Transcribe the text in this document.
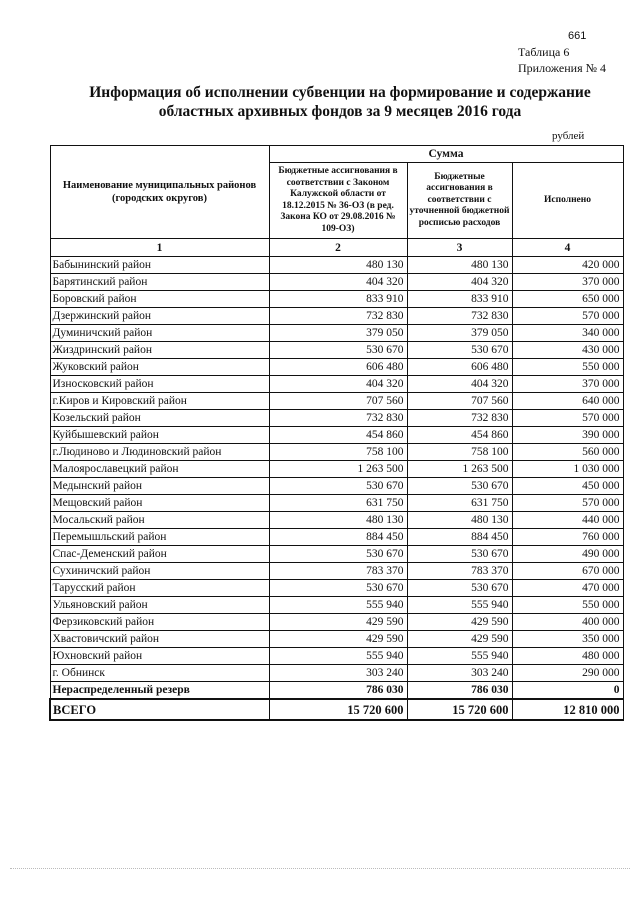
661
Таблица 6
Приложения № 4
Информация об исполнении субвенции на формирование и содержание
областных архивных фондов за 9 месяцев 2016 года
рублей
Наименование муниципальных районов (городских округов)	Сумма		
	Бюджетные ассигнования в соответствии с Законом Калужской области от 18.12.2015 № 36-ОЗ (в ред. Закона КО от 29.08.2016 № 109-ОЗ)	Бюджетные ассигнования в соответствии с уточненной бюджетной росписью расходов	Исполнено
1	2	3	4
Бабынинский район	480 130	480 130	420 000
Барятинский район	404 320	404 320	370 000
Боровский район	833 910	833 910	650 000
Дзержинский район	732 830	732 830	570 000
Думиничский район	379 050	379 050	340 000
Жиздринский район	530 670	530 670	430 000
Жуковский район	606 480	606 480	550 000
Износковский район	404 320	404 320	370 000
г.Киров и Кировский район	707 560	707 560	640 000
Козельский район	732 830	732 830	570 000
Куйбышевский район	454 860	454 860	390 000
г.Людиново и Людиновский район	758 100	758 100	560 000
Малоярославецкий район	1 263 500	1 263 500	1 030 000
Медынский район	530 670	530 670	450 000
Мещовский район	631 750	631 750	570 000
Мосальский район	480 130	480 130	440 000
Перемышльский район	884 450	884 450	760 000
Спас-Деменский район	530 670	530 670	490 000
Сухиничский район	783 370	783 370	670 000
Тарусский район	530 670	530 670	470 000
Ульяновский район	555 940	555 940	550 000
Ферзиковский район	429 590	429 590	400 000
Хвастовичский район	429 590	429 590	350 000
Юхновский район	555 940	555 940	480 000
г. Обнинск	303 240	303 240	290 000
Нераспределенный резерв	786 030	786 030	0
ВСЕГО	15 720 600	15 720 600	12 810 000
